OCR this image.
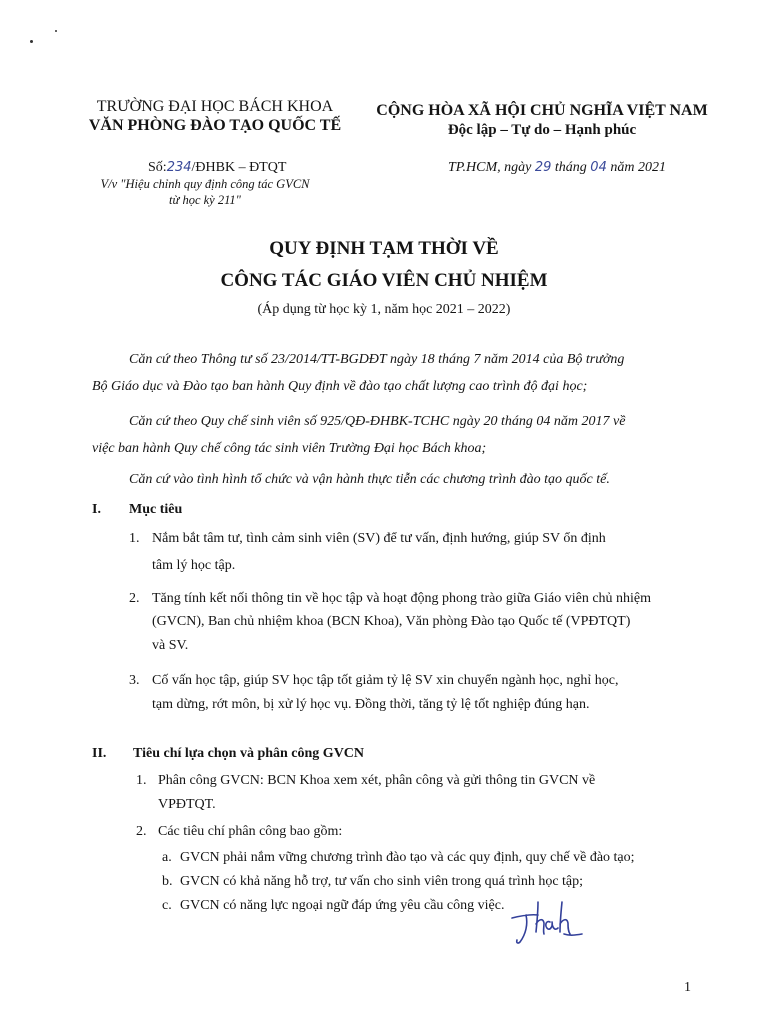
TRƯỜNG ĐẠI HỌC BÁCH KHOA
VĂN PHÒNG ĐÀO TẠO QUỐC TẾ
Số:234/ĐHBK – ĐTQT
V/v "Hiệu chỉnh quy định công tác GVCN
từ học kỳ 211"
CỘNG HÒA XÃ HỘI CHỦ NGHĨA VIỆT NAM
Độc lập – Tự do – Hạnh phúc
TP.HCM, ngày 29 tháng 04 năm 2021
QUY ĐỊNH TẠM THỜI VỀ
CÔNG TÁC GIÁO VIÊN CHỦ NHIỆM
(Áp dụng từ học kỳ 1, năm học 2021 – 2022)
Căn cứ theo Thông tư số 23/2014/TT-BGDĐT ngày 18 tháng 7 năm 2014 của Bộ trưởng
Bộ Giáo dục và Đào tạo ban hành Quy định về đào tạo chất lượng cao trình độ đại học;
Căn cứ theo Quy chế sinh viên số 925/QĐ-ĐHBK-TCHC ngày 20 tháng 04 năm 2017 về
việc ban hành Quy chế công tác sinh viên Trường Đại học Bách khoa;
Căn cứ vào tình hình tổ chức và vận hành thực tiễn các chương trình đào tạo quốc tế.
I. Mục tiêu
1. Nắm bắt tâm tư, tình cảm sinh viên (SV) để tư vấn, định hướng, giúp SV ổn định
tâm lý học tập.
2. Tăng tính kết nối thông tin về học tập và hoạt động phong trào giữa Giáo viên chủ nhiệm
(GVCN), Ban chủ nhiệm khoa (BCN Khoa), Văn phòng Đào tạo Quốc tế (VPĐTQT)
và SV.
3. Cố vấn học tập, giúp SV học tập tốt giảm tỷ lệ SV xin chuyển ngành học, nghỉ học,
tạm dừng, rớt môn, bị xử lý học vụ. Đồng thời, tăng tỷ lệ tốt nghiệp đúng hạn.
II. Tiêu chí lựa chọn và phân công GVCN
1. Phân công GVCN: BCN Khoa xem xét, phân công và gửi thông tin GVCN về
VPĐTQT.
2. Các tiêu chí phân công bao gồm:
a. GVCN phải nắm vững chương trình đào tạo và các quy định, quy chế về đào tạo;
b. GVCN có khả năng hỗ trợ, tư vấn cho sinh viên trong quá trình học tập;
c. GVCN có năng lực ngoại ngữ đáp ứng yêu cầu công việc.
1
